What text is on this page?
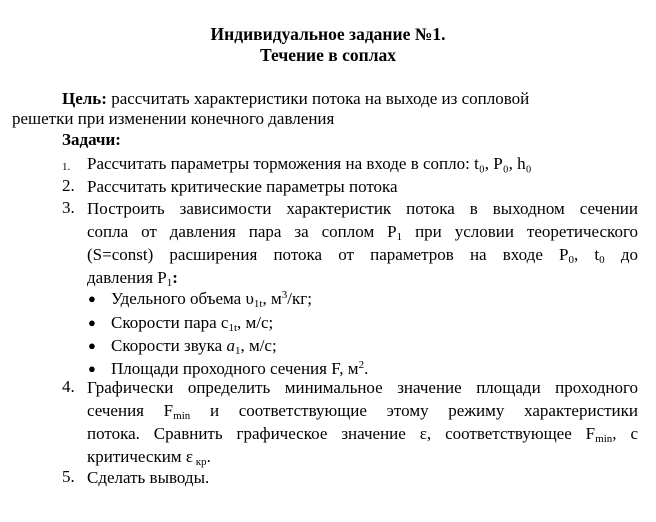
Индивидуальное задание №1.
Течение в соплах
Цель: рассчитать характеристики потока на выходе из сопловой
решетки при изменении конечного давления
Задачи:
1. Рассчитать параметры торможения на входе в сопло: t₀, P₀, h₀
2. Рассчитать критические параметры потока
3. Построить зависимости характеристик потока в выходном сечении
сопла от давления пара за соплом $P_1$ при условии теоретического
(S=const) расширения потока от параметров на входе $P_0$, $t_0$ до
давления $P_1$:
● Удельного объема $\upsilon_{1t}$, $м^3/кг$;
● Скорости пара $c_{1t}$, м/с;
● Скорости звука $a_1$, м/с;
● Площади проходного сечения F, $м^2$.
4. Графически определить минимальное значение площади проходного
сечения $F_{min}$ и соответствующие этому режиму характеристики
потока. Сравнить графическое значение ε, соответствующее $F_{min}$, с
критическим ε $_{кр}$.
5. Сделать выводы.
